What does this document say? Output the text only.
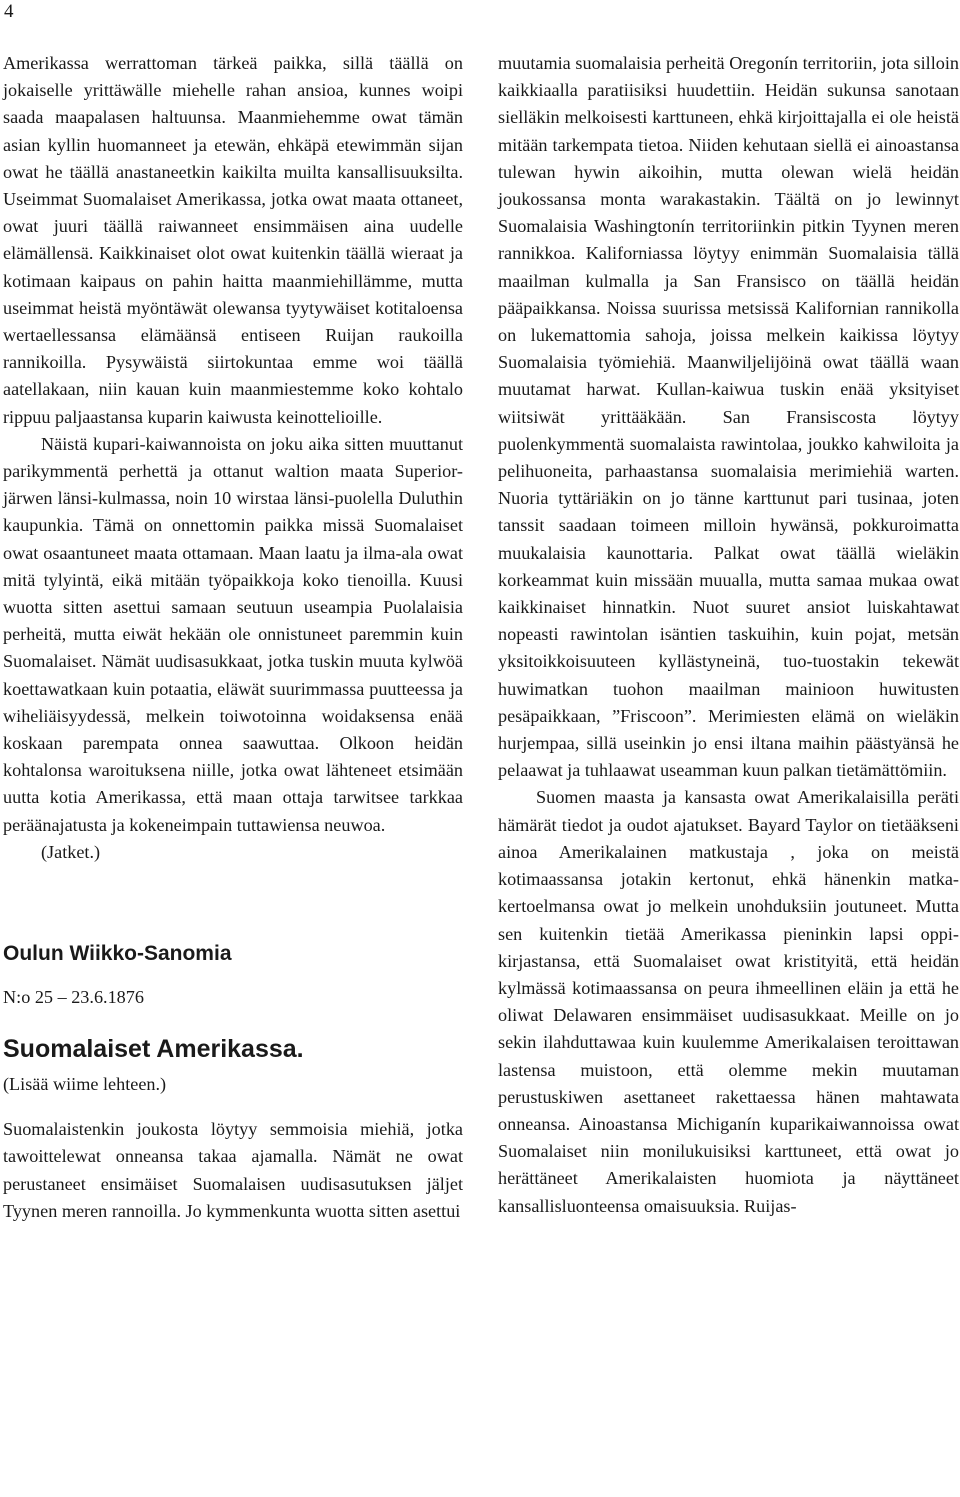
4

Amerikassa werrattoman tärkeä paikka, sillä täällä on jokaiselle yrittäwälle miehelle rahan ansioa, kunnes woipi saada maapalasen haltuunsa. Maanmiehemme owat tämän asian kyllin huomanneet ja etewän, ehkäpä etewimmän sijan owat he täällä anastaneetkin kaikilta muilta kansallisuuksilta. Useimmat Suomalaiset Amerikassa, jotka owat maata ottaneet, owat juuri täällä raiwanneet ensimmäisen aina uudelle elämällensä. Kaikkinaiset olot owat kuitenkin täällä wieraat ja kotimaan kaipaus on pahin haitta maanmiehillämme, mutta useimmat heistä myöntäwät olewansa tyytywäiset kotitaloensa wertaellessansa elämäänsä entiseen Ruijan raukoilla rannikoilla. Pysywäistä siirtokuntaa emme woi täällä aatellakaan, niin kauan kuin maanmiestemme koko kohtalo rippuu paljaastansa kuparin kaiwusta keinottelioille.

Näistä kupari-kaiwannoista on joku aika sitten muuttanut parikymmentä perhettä ja ottanut waltion maata Superior-järwen länsi-kulmassa, noin 10 wirstaa länsi-puolella Duluthin kaupunkia. Tämä on onnettomin paikka missä Suomalaiset owat osaantuneet maata ottamaan. Maan laatu ja ilma-ala owat mitä tylyintä, eikä mitään työpaikkoja koko tienoilla. Kuusi wuotta sitten asettui samaan seutuun useampia Puolalaisia perheitä, mutta eiwät hekään ole onnistuneet paremmin kuin Suomalaiset. Nämät uudisasukkaat, jotka tuskin muuta kylwöä koettawatkaan kuin potaatia, eläwät suurimmassa puutteessa ja wiheliäisyydessä, melkein toiwotoinna woidaksensa enää koskaan parempata onnea saawuttaa. Olkoon heidän kohtalonsa waroituksena niille, jotka owat lähteneet etsimään uutta kotia Amerikassa, että maan ottaja tarwitsee tarkkaa peräänajatusta ja kokeneimpain tuttawiensa neuwoa.

(Jatket.)

Oulun Wiikko-Sanomia

N:o 25 – 23.6.1876

Suomalaiset Amerikassa.

(Lisää wiime lehteen.)

Suomalaistenkin joukosta löytyy semmoisia miehiä, jotka tawoittelewat onneansa takaa ajamalla. Nämät ne owat perustaneet ensimäiset Suomalaisen uudisasutuksen jäljet Tyynen meren rannoilla. Jo kymmenkunta wuotta sitten asettui

muutamia suomalaisia perheitä Oregonín territoriin, jota silloin kaikkiaalla paratiisiksi huudettiin. Heidän sukunsa sanotaan sielläkin melkoisesti karttuneen, ehkä kirjoittajalla ei ole heistä mitään tarkempata tietoa. Niiden kehutaan siellä ei ainoastansa tulewan hywin aikoihin, mutta olewan wielä heidän joukossansa monta warakastakin. Täältä on jo lewinnyt Suomalaisia Washingtonín territoriinkin pitkin Tyynen meren rannikkoa. Kaliforniassa löytyy enimmän Suomalaisia tällä maailman kulmalla ja San Fransisco on täällä heidän pääpaikkansa. Noissa suurissa metsissä Kalifornian rannikolla on lukemattomia sahoja, joissa melkein kaikissa löytyy Suomalaisia työmiehiä. Maanwiljelijöinä owat täällä waan muutamat harwat. Kullan-kaiwua tuskin enää yksityiset wiitsiwät yrittääkään. San Fransiscosta löytyy puolenkymmentä suomalaista rawintolaa, joukko kahwiloita ja pelihuoneita, parhaastansa suomalaisia merimiehiä warten. Nuoria tyttäriäkin on jo tänne karttunut pari tusinaa, joten tanssit saadaan toimeen milloin hywänsä, pokkuroimatta muukalaisia kaunottaria. Palkat owat täällä wieläkin korkeammat kuin missään muualla, mutta samaa mukaa owat kaikkinaiset hinnatkin. Nuot suuret ansiot luiskahtawat nopeasti rawintolan isäntien taskuihin, kuin pojat, metsän yksitoikkoisuuteen kyllästyneinä, tuo-tuostakin tekewät huwimatkan tuohon maailman mainioon huwitusten pesäpaikkaan, ”Friscoon”. Merimiesten elämä on wieläkin hurjempaa, sillä useinkin jo ensi iltana maihin päästyänsä he pelaawat ja tuhlaawat useamman kuun palkan tietämättömiin.

Suomen maasta ja kansasta owat Amerikalaisilla peräti hämärät tiedot ja oudot ajatukset. Bayard Taylor on tietääkseni ainoa Amerikalainen matkustaja , joka on meistä kotimaassansa jotakin kertonut, ehkä hänenkin matka-kertoelmansa owat jo melkein unohduksiin joutuneet. Mutta sen kuitenkin tietää Amerikassa pieninkin lapsi oppi-kirjastansa, että Suomalaiset owat kristityitä, että heidän kylmässä kotimaassansa on peura ihmeellinen eläin ja että he oliwat Delawaren ensimmäiset uudisasukkaat. Meille on jo sekin ilahduttawaa kuin kuulemme Amerikalaisen teroittawan lastensa muistoon, että olemme mekin muutaman perustuskiwen asettaneet rakettaessa hänen mahtawata onneansa. Ainoastansa Michiganín kuparikaiwannoissa owat Suomalaiset niin monilukuisiksi karttuneet, että owat jo herättäneet Amerikalaisten huomiota ja näyttäneet kansallisluonteensa omaisuuksia. Ruijas-
